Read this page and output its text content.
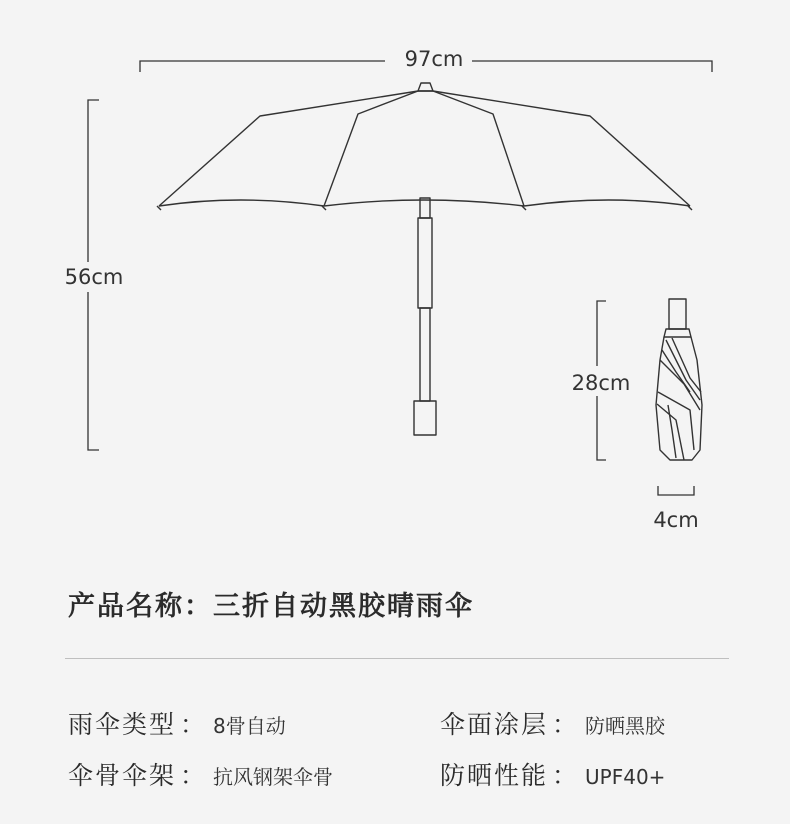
97cm
56cm
28cm
4cm
产品名称：三折自动黑胶晴雨伞
雨伞类型 ： 8骨自动	伞面涂层 ： 防晒黑胶
伞骨伞架 ： 抗风钢架伞骨	防晒性能 ： UPF40+
